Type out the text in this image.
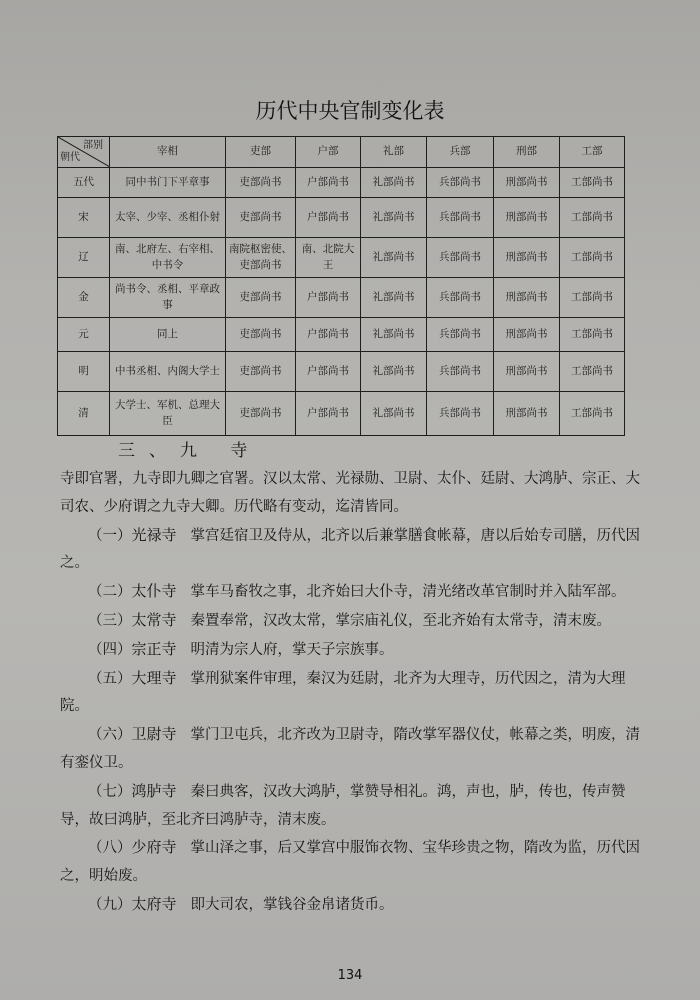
历代中央官制变化表
部别
朝代	宰相	吏部	户部	礼部	兵部	刑部	工部
五代	同中书门下平章事	吏部尚书	户部尚书	礼部尚书	兵部尚书	刑部尚书	工部尚书
宋	太宰、少宰、丞相仆射	吏部尚书	户部尚书	礼部尚书	兵部尚书	刑部尚书	工部尚书
辽	南、北府左、右宰相、中书令	南院枢密使、吏部尚书	南、北院大王	礼部尚书	兵部尚书	刑部尚书	工部尚书
金	尚书令、丞相、平章政事	吏部尚书	户部尚书	礼部尚书	兵部尚书	刑部尚书	工部尚书
元	同上	吏部尚书	户部尚书	礼部尚书	兵部尚书	刑部尚书	工部尚书
明	中书丞相、内阁大学士	吏部尚书	户部尚书	礼部尚书	兵部尚书	刑部尚书	工部尚书
清	大学士、军机、总理大臣	吏部尚书	户部尚书	礼部尚书	兵部尚书	刑部尚书	工部尚书
三、九 寺
寺即官署，九寺即九卿之官署。汉以太常、光禄勋、卫尉、太仆、廷尉、大鸿胪、宗正、大司农、少府谓之九寺大卿。历代略有变动，迄清皆同。
（一）光禄寺 掌宫廷宿卫及侍从，北齐以后兼掌膳食帐幕，唐以后始专司膳，历代因之。
（二）太仆寺 掌车马畜牧之事，北齐始曰大仆寺，清光绪改革官制时并入陆军部。
（三）太常寺 秦置奉常，汉改太常，掌宗庙礼仪，至北齐始有太常寺，清末废。
（四）宗正寺 明清为宗人府，掌天子宗族事。
（五）大理寺 掌刑狱案件审理，秦汉为廷尉，北齐为大理寺，历代因之，清为大理院。
（六）卫尉寺 掌门卫屯兵，北齐改为卫尉寺，隋改掌军器仪仗，帐幕之类，明废，清有銮仪卫。
（七）鸿胪寺 秦曰典客，汉改大鸿胪，掌赞导相礼。鸿，声也，胪，传也，传声赞导，故曰鸿胪，至北齐曰鸿胪寺，清末废。
（八）少府寺 掌山泽之事，后又掌宫中服饰衣物、宝华珍贵之物，隋改为监，历代因之，明始废。
（九）太府寺 即大司农，掌钱谷金帛诸货币。
134
